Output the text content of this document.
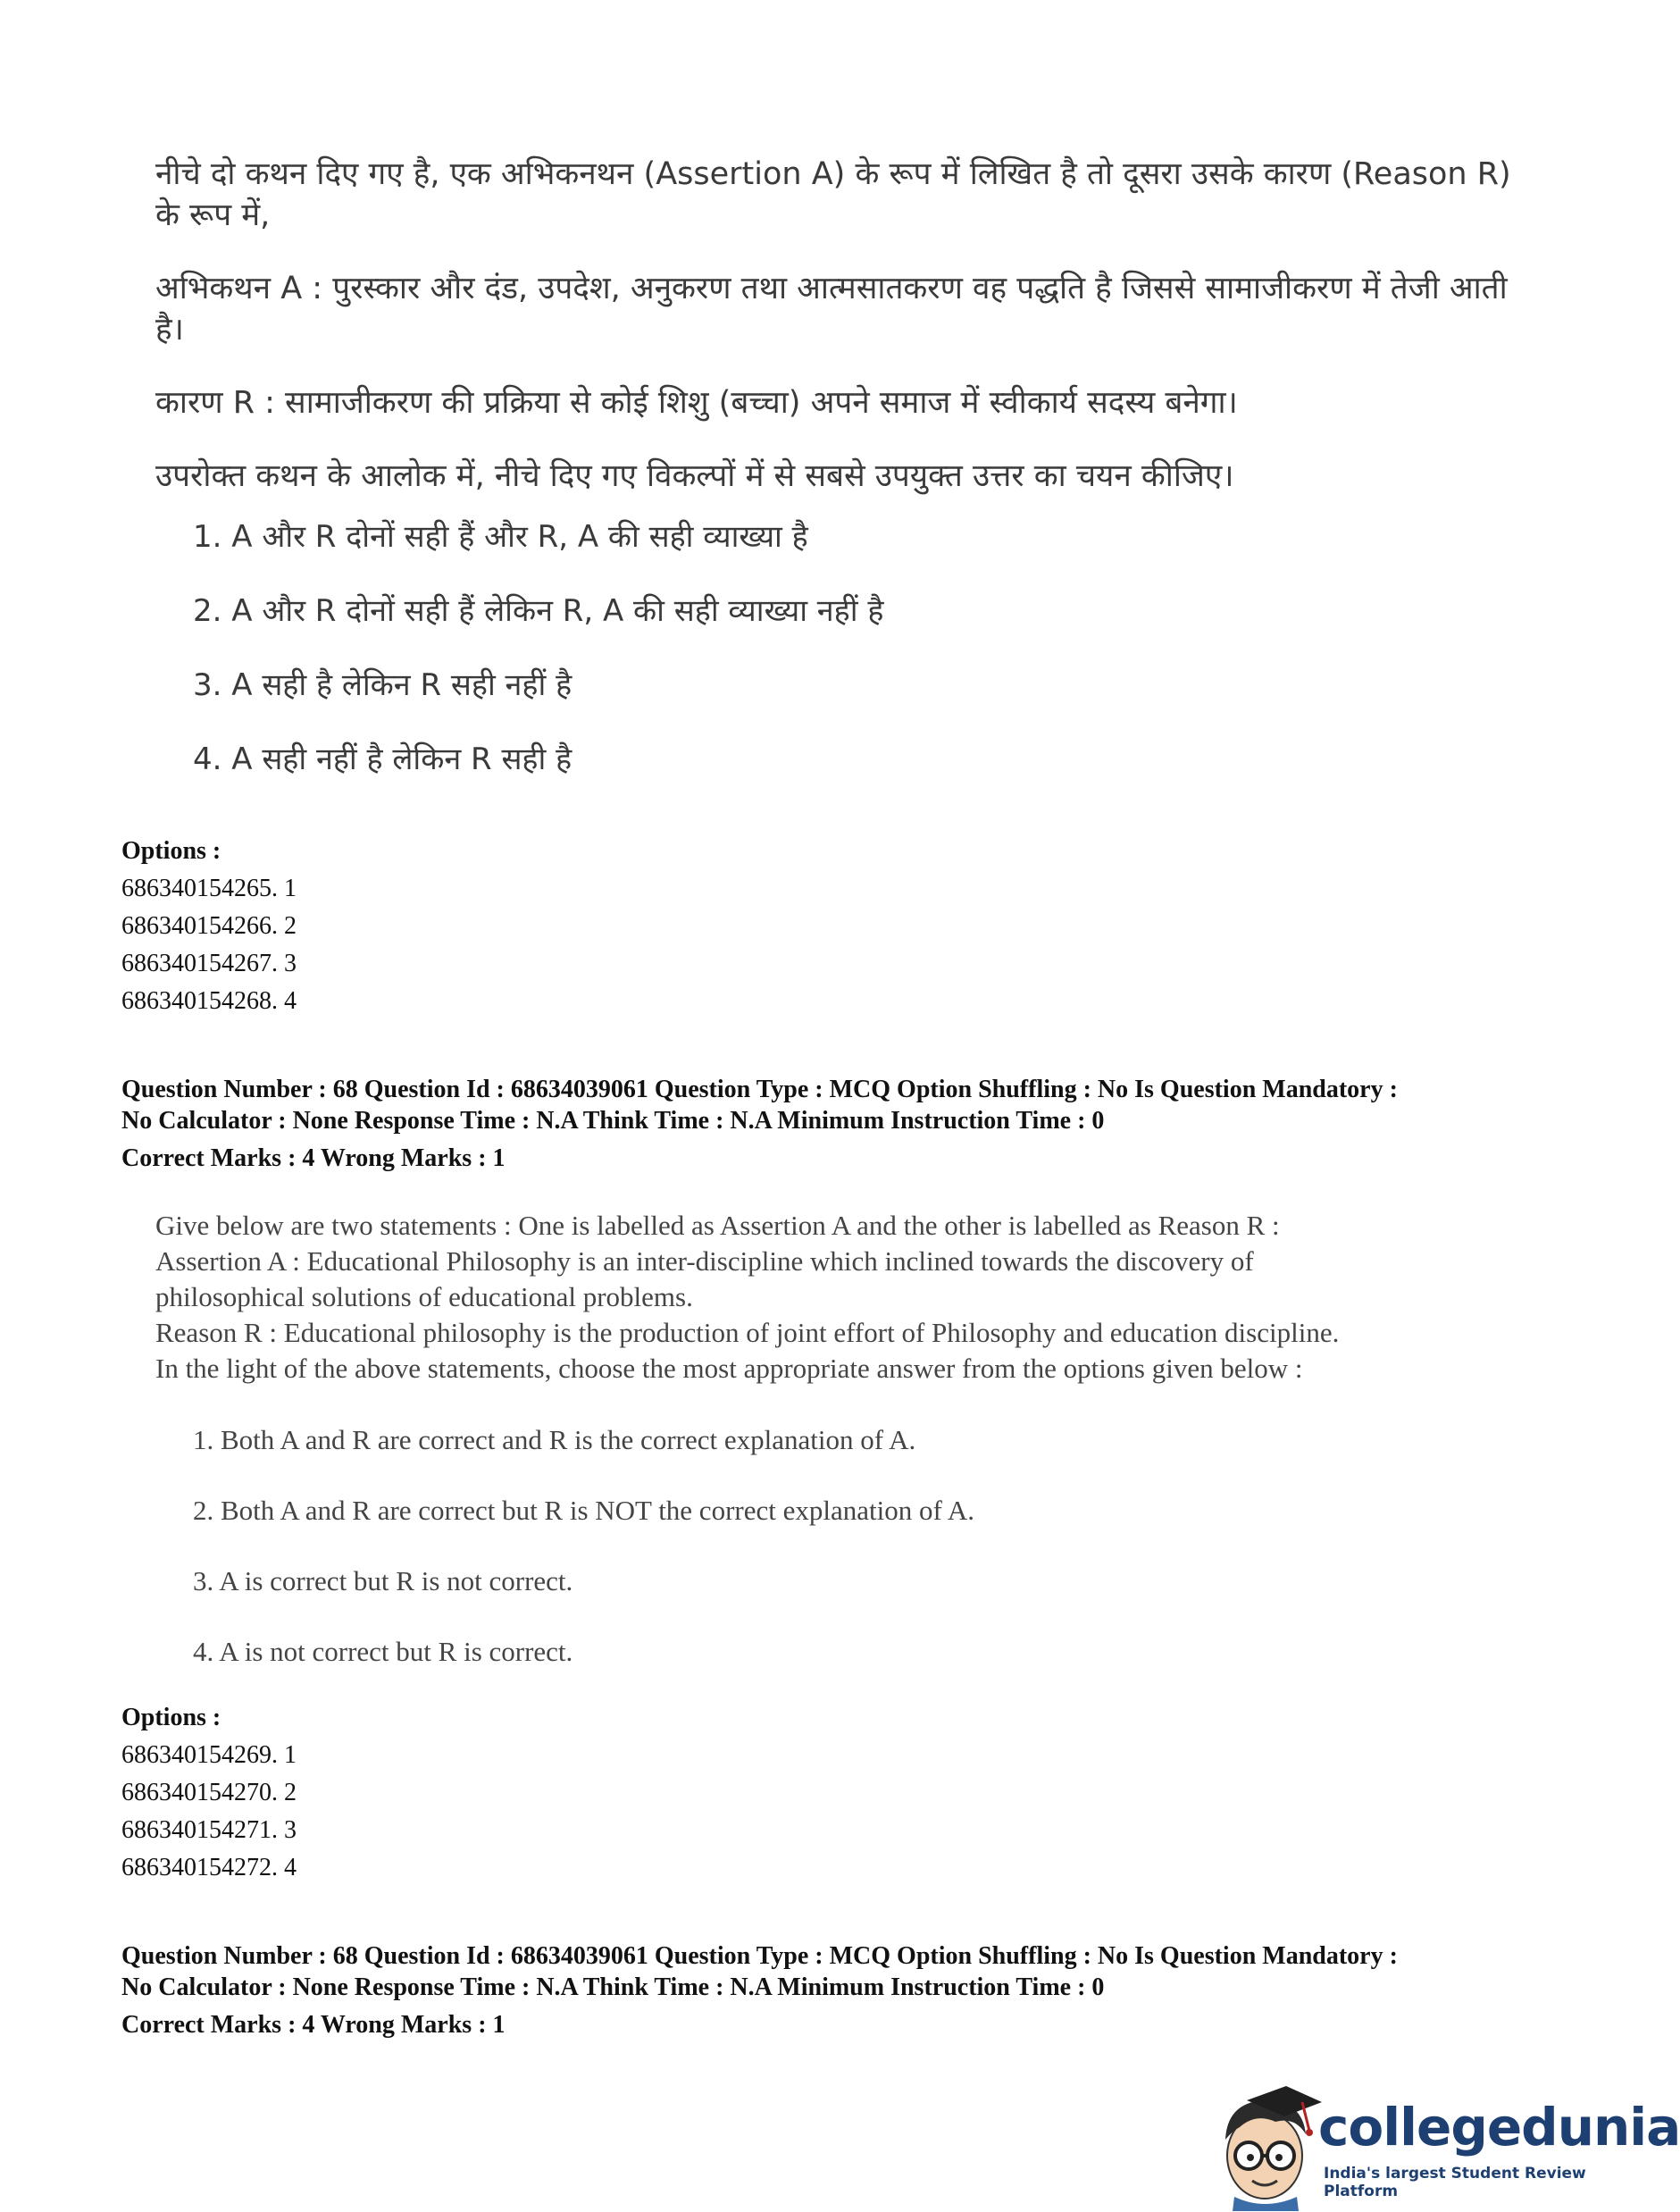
नीचे दो कथन दिए गए है, एक अभिकनथन (Assertion A) के रूप में लिखित है तो दूसरा उसके कारण (Reason R) के रूप में,

अभिकथन A : पुरस्कार और दंड, उपदेश, अनुकरण तथा आत्मसातकरण वह पद्धति है जिससे सामाजीकरण में तेजी आती है।

कारण R : सामाजीकरण की प्रक्रिया से कोई शिशु (बच्चा) अपने समाज में स्वीकार्य सदस्य बनेगा।

उपरोक्त कथन के आलोक में, नीचे दिए गए विकल्पों में से सबसे उपयुक्त उत्तर का चयन कीजिए।

1. A और R दोनों सही हैं और R, A की सही व्याख्या है

2. A और R दोनों सही हैं लेकिन R, A की सही व्याख्या नहीं है

3. A सही है लेकिन R सही नहीं है

4. A सही नहीं है लेकिन R सही है

Options :
686340154265. 1
686340154266. 2
686340154267. 3
686340154268. 4
Question Number : 68 Question Id : 68634039061 Question Type : MCQ Option Shuffling : No Is Question Mandatory :
No Calculator : None Response Time : N.A Think Time : N.A Minimum Instruction Time : 0
Correct Marks : 4 Wrong Marks : 1

Give below are two statements : One is labelled as Assertion A and the other is labelled as Reason R :

Assertion A : Educational Philosophy is an inter-discipline which inclined towards the discovery of

philosophical solutions of educational problems.

Reason R : Educational philosophy is the production of joint effort of Philosophy and education discipline.

In the light of the above statements, choose the most appropriate answer from the options given below :

1. Both A and R are correct and R is the correct explanation of A.

2. Both A and R are correct but R is NOT the correct explanation of A.

3. A is correct but R is not correct.

4. A is not correct but R is correct.

Options :
686340154269. 1
686340154270. 2
686340154271. 3
686340154272. 4
Question Number : 68 Question Id : 68634039061 Question Type : MCQ Option Shuffling : No Is Question Mandatory :
No Calculator : None Response Time : N.A Think Time : N.A Minimum Instruction Time : 0
Correct Marks : 4 Wrong Marks : 1
collegedunia
India's largest Student Review Platform
